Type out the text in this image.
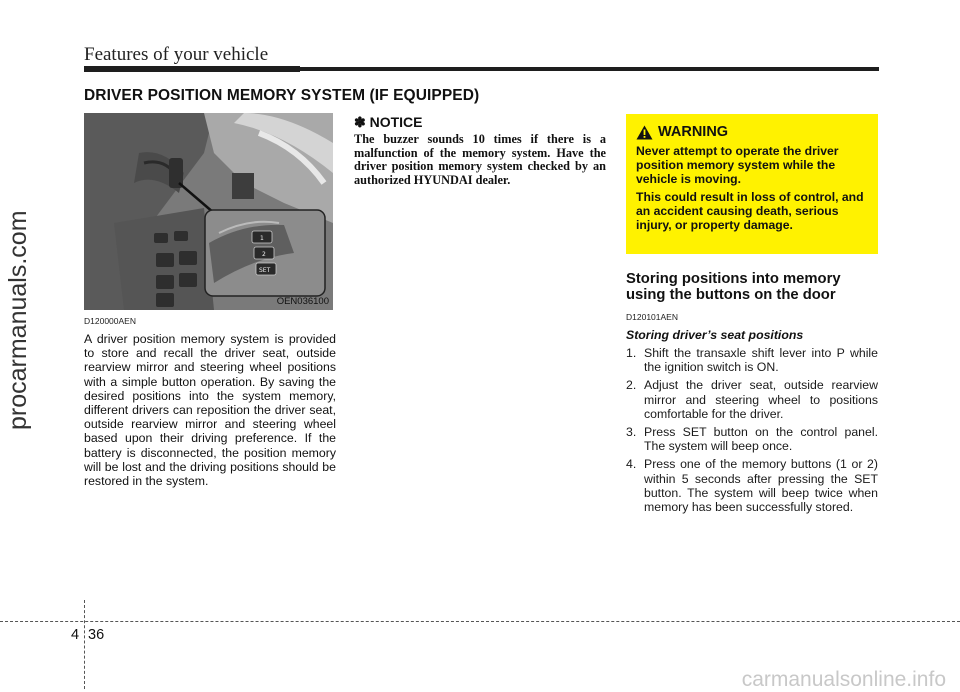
Features of your vehicle
DRIVER POSITION MEMORY SYSTEM (IF EQUIPPED)
1
2
SET
OEN036100
D120000AEN
A driver position memory system is provided to store and recall the driver seat, outside rearview mirror and steering wheel positions with a simple button operation. By saving the desired positions into the system memory, different drivers can reposition the driver seat, outside rearview mirror and steering wheel based upon their driving preference. If the battery is disconnected, the position memory will be lost and the driving positions should be restored in the system.
✽ NOTICE
The buzzer sounds 10 times if there is a malfunction of the memory system. Have the driver position memory system checked by an authorized HYUNDAI dealer.
WARNING
Never attempt to operate the driver position memory system while the vehicle is moving.
This could result in loss of control, and an accident causing death, serious injury, or property damage.
Storing positions into memory using the buttons on the door
D120101AEN
Storing driver’s seat positions
1. Shift the transaxle shift lever into P while the ignition switch is ON.
2. Adjust the driver seat, outside rearview mirror and steering wheel to positions comfortable for the driver.
3. Press SET button on the control panel. The system will beep once.
4. Press one of the memory buttons (1 or 2) within 5 seconds after pressing the SET button. The system will beep twice when memory has been successfully stored.
4 36
procarmanuals.com
carmanualsonline.info
